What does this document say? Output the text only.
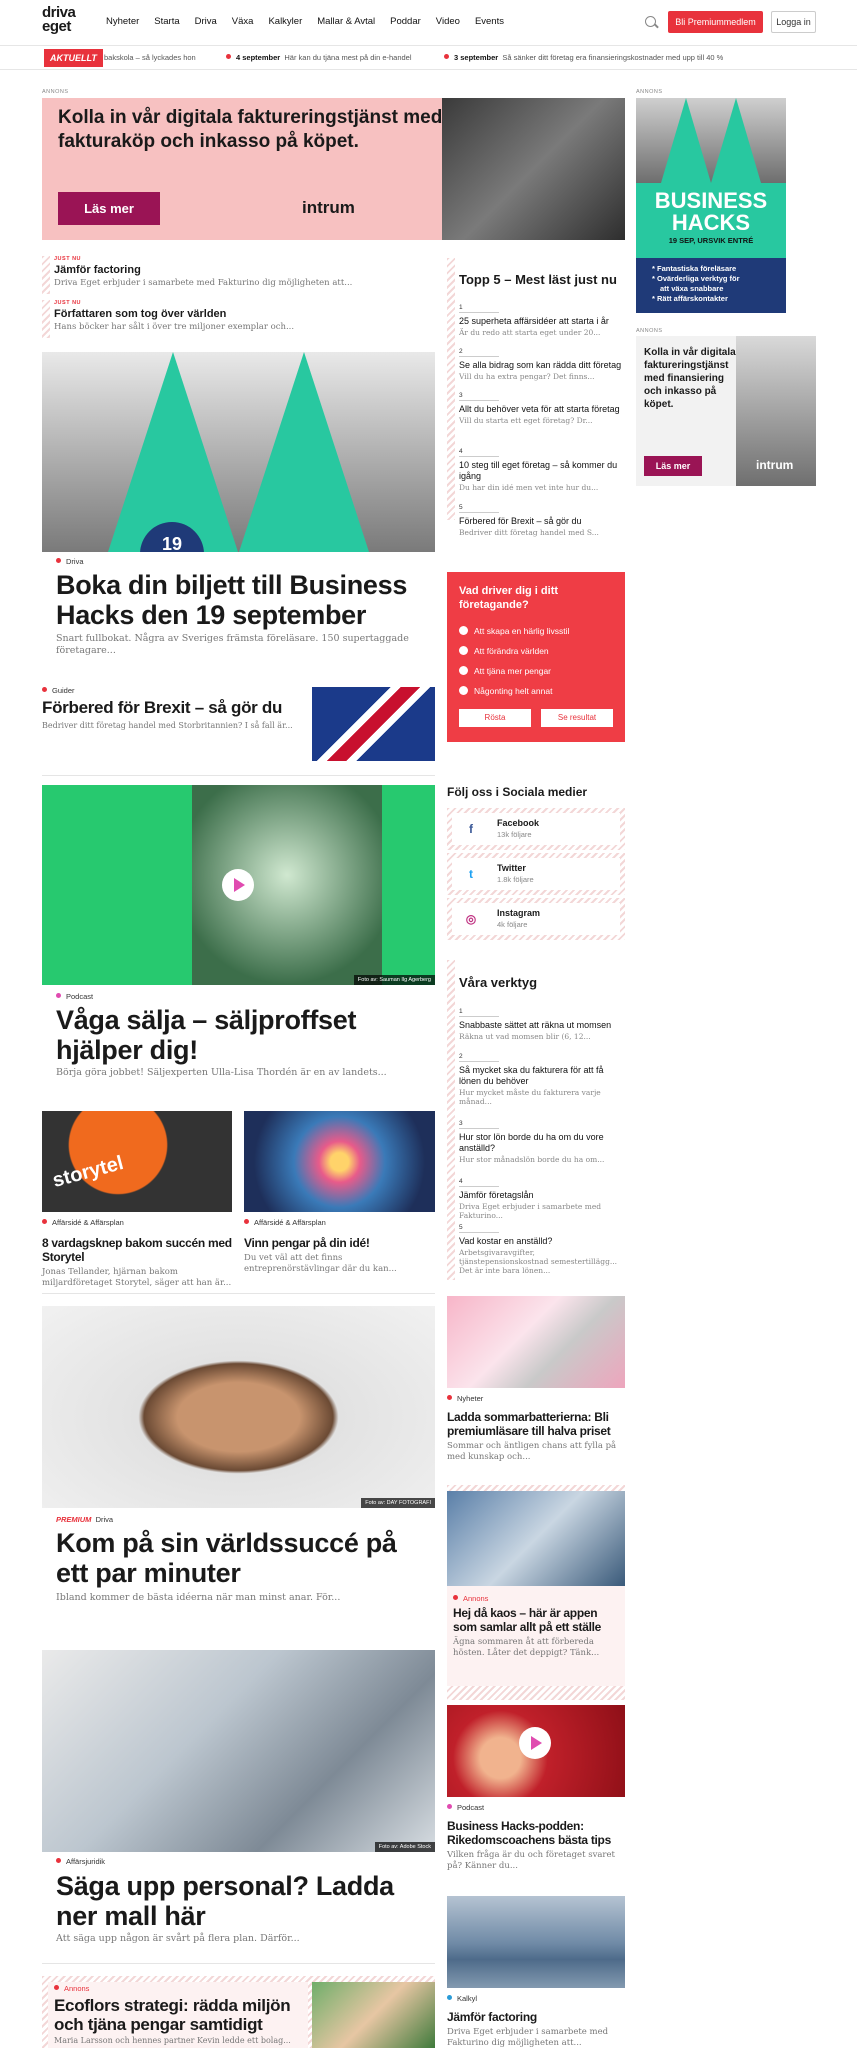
driva
eget	Nyheter Starta Driva Växa Kalkyler Mallar & Avtal Poddar Video Events	Bli Premiummedlem	Logga in
AKTUELLT bakskola – så lyckades hon	4 september Här kan du tjäna mest på din e-handel	3 september Så sänker ditt företag era finansieringskostnader med upp till 40 %
ANNONS
Kolla in vår digitala faktureringstjänst med fakturaköp och inkasso på köpet.
Läs mer	intrum
ANNONS
BUSINESS
HACKS
19 SEP, URSVIK ENTRÉ
* Fantastiska föreläsare
* Ovärderliga verktyg för
att växa snabbare
* Rätt affärskontakter
ANNONS
Kolla in vår digitala faktureringstjänst med finansiering och inkasso på köpet.
Läs mer	intrum
JUST NU
Jämför factoring
Driva Eget erbjuder i samarbete med Fakturino dig möjligheten att...
JUST NU
Författaren som tog över världen
Hans böcker har sålt i över tre miljoner exemplar och...
Topp 5 – Mest läst just nu
1
25 superheta affärsidéer att starta i år
Är du redo att starta eget under 20...
2
Se alla bidrag som kan rädda ditt företag
Vill du ha extra pengar? Det finns...
3
Allt du behöver veta för att starta företag
Vill du starta ett eget företag? Dr...
4
10 steg till eget företag – så kommer du igång
Du har din idé men vet inte hur du...
5
Förbered för Brexit – så gör du
Bedriver ditt företag handel med S...
19
Driva
Boka din biljett till Business Hacks den 19 september
Snart fullbokat. Några av Sveriges främsta föreläsare. 150 supertaggade företagare...
Vad driver dig i ditt företagande?
Att skapa en härlig livsstil
Att förändra världen
Att tjäna mer pengar
Någonting helt annat
Rösta	Se resultat
Guider
Förbered för Brexit – så gör du
Bedriver ditt företag handel med Storbritannien? I så fall är...
Följ oss i Sociala medier
f	Facebook
13k följare
t	Twitter
1.8k följare
◎ Instagram
4k följare
Foto av: Sauman Ilg Agerberg
Podcast
Våga sälja – säljproffset hjälper dig!
Börja göra jobbet! Säljexperten Ulla-Lisa Thordén är en av landets...
Våra verktyg
1
Snabbaste sättet att räkna ut momsen
Räkna ut vad momsen blir (6, 12...
2
Så mycket ska du fakturera för att få lönen du behöver
Hur mycket måste du fakturera varje månad...
3
Hur stor lön borde du ha om du vore anställd?
Hur stor månadslön borde du ha om...
4
Jämför företagslån
Driva Eget erbjuder i samarbete med Fakturino...
5
Vad kostar en anställd?
Arbetsgivaravgifter, tjänstepensionskostnad semestertillägg... Det är inte bara lönen...
storytel
Affärsidé & Affärsplan
8 vardagsknep bakom succén med Storytel
Jonas Tellander, hjärnan bakom miljardföretaget Storytel, säger att han är...
Affärsidé & Affärsplan
Vinn pengar på din idé!
Du vet väl att det finns entreprenörstävlingar där du kan...
Nyheter
Ladda sommarbatterierna: Bli premiumläsare till halva priset
Sommar och äntligen chans att fylla på med kunskap och...
Foto av: DAY FOTOGRAFI
PREMIUM Driva
Kom på sin världssuccé på ett par minuter
Ibland kommer de bästa idéerna när man minst anar. För...	Annons
Hej då kaos – här är appen som samlar allt på ett ställe
Ägna sommaren åt att förbereda hösten. Låter det deppigt? Tänk...
Foto av: Adobe Stock
Affärsjuridik
Säga upp personal? Ladda ner mall här
Att säga upp någon är svårt på flera plan. Därför...
Podcast
Business Hacks-podden: Rikedomscoachens bästa tips
Vilken fråga är du och företaget svaret på? Känner du...
Kalkyl
Jämför factoring
Driva Eget erbjuder i samarbete med Fakturino dig möjligheten att...
Annons
Ecoflors strategi: rädda miljön och tjäna pengar samtidigt
Maria Larsson och hennes partner Kevin ledde ett bolag...
